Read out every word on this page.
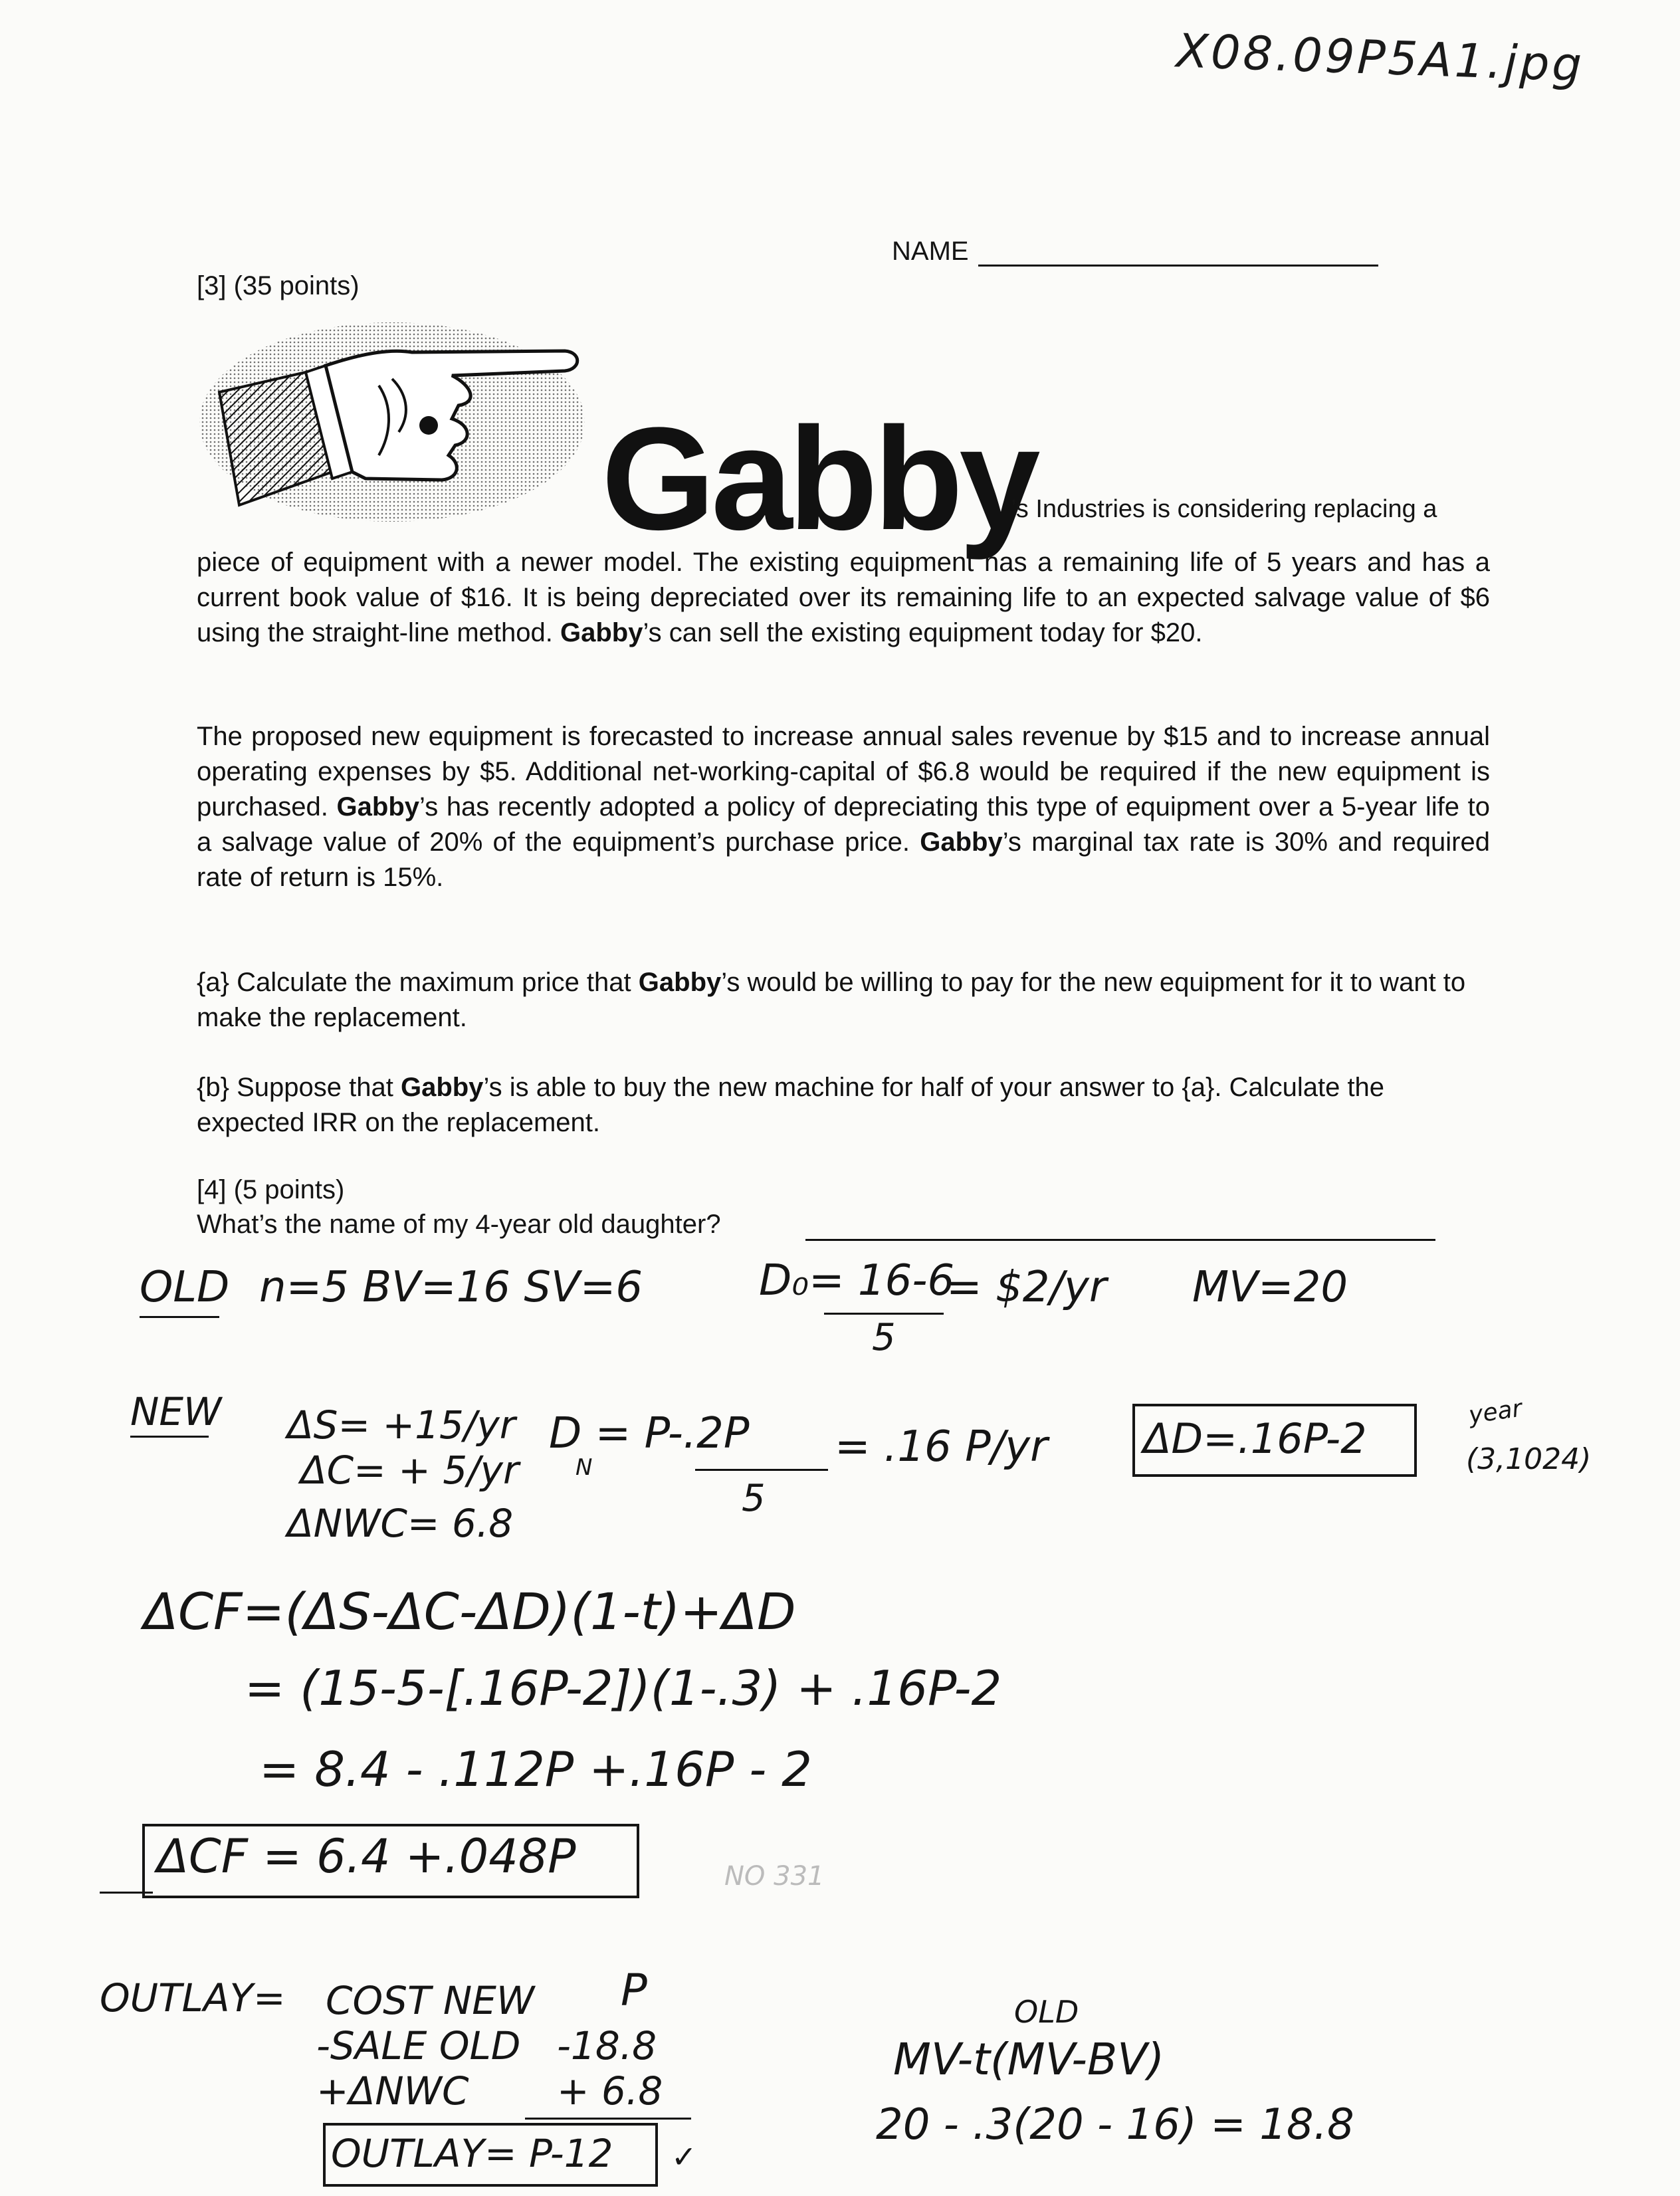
X08.09P5A1.jpg
NAME
[3] (35 points)
Gabby
’s Industries is considering replacing a
piece of equipment with a newer model. The existing equipment has a remaining life of 5 years and has a current book value of $16. It is being depreciated over its remaining life to an expected salvage value of $6 using the straight-line method. Gabby’s can sell the existing equipment today for $20.
The proposed new equipment is forecasted to increase annual sales revenue by $15 and to increase annual operating expenses by $5. Additional net-working-capital of $6.8 would be required if the new equipment is purchased. Gabby’s has recently adopted a policy of depreciating this type of equipment over a 5-year life to a salvage value of 20% of the equipment’s purchase price. Gabby’s marginal tax rate is 30% and required rate of return is 15%.
{a} Calculate the maximum price that Gabby’s would be willing to pay for the new equipment for it to want to make the replacement.
{b} Suppose that Gabby’s is able to buy the new machine for half of your answer to {a}. Calculate the expected IRR on the replacement.
[4] (5 points)
What’s the name of my 4-year old daughter?
OLD n=5 BV=16 SV=6	D₀= 16-6
5
= $2/yr MV=20
NEW ΔS= +15/yr
ΔC= + 5/yr
ΔNWC= 6.8
D = P-.2P
N
5
= .16 P/yr ΔD=.16P-2
year
(3,1024)
ΔCF=(ΔS-ΔC-ΔD)(1-t)+ΔD
= (15-5-[.16P-2])(1-.3) + .16P-2
= 8.4 - .112P +.16P - 2
ΔCF = 6.4 +.048P	NO 331
OUTLAY= COST NEW P
-SALE OLD -18.8
+ΔNWC + 6.8
OUTLAY= P-12 ✓
OLD
MV-t(MV-BV)
20 - .3(20 - 16) = 18.8
